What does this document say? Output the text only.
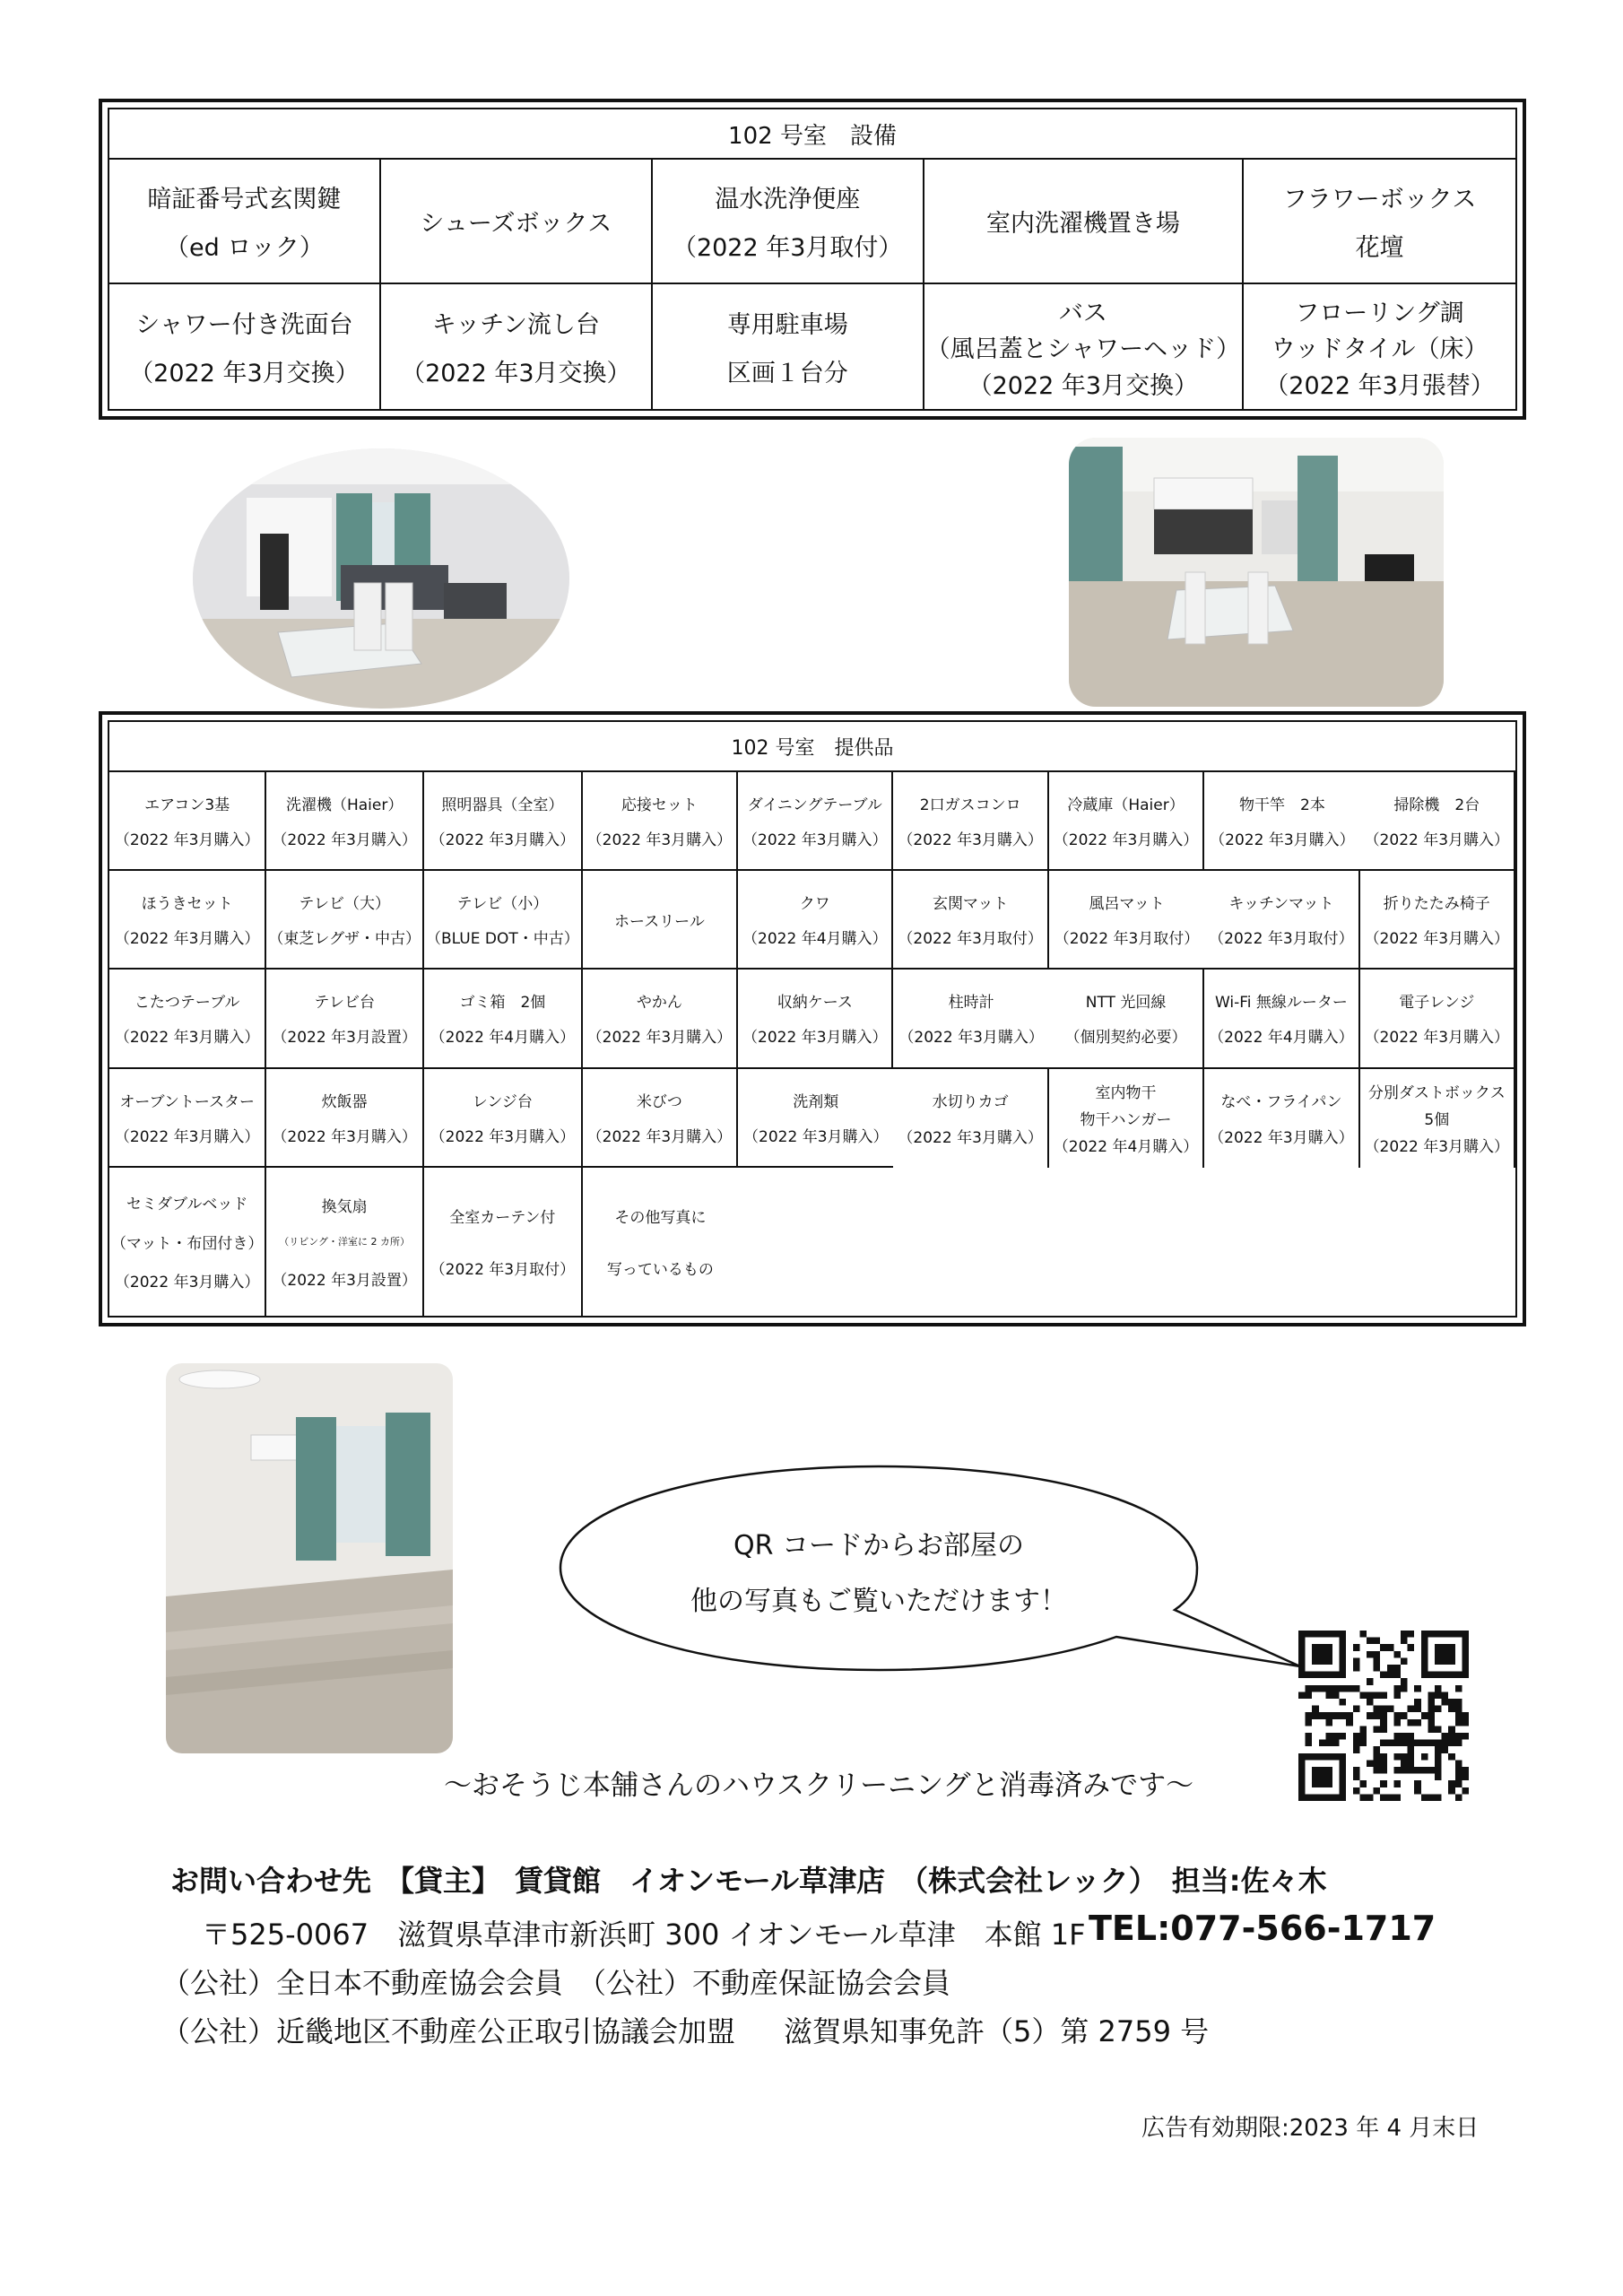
102 号室　設備
暗証番号式玄関鍵
（ed ロック）
シューズボックス
温水洗浄便座
（2022 年3月取付）
室内洗濯機置き場
フラワーボックス
花壇
シャワー付き洗面台
（2022 年3月交換）
キッチン流し台
（2022 年3月交換）
専用駐車場
区画１台分
バス
（風呂蓋とシャワーヘッド）
（2022 年3月交換）
フローリング調
ウッドタイル（床）
（2022 年3月張替）
102 号室　提供品
エアコン3基
（2022 年3月購入）
洗濯機（Haier）
（2022 年3月購入）
照明器具（全室）
（2022 年3月購入）
応接セット
（2022 年3月購入）
ダイニングテーブル
（2022 年3月購入）
2口ガスコンロ
（2022 年3月購入）
冷蔵庫（Haier）
（2022 年3月購入）
物干竿　2本
（2022 年3月購入）
掃除機　2台
（2022 年3月購入）
ほうきセット
（2022 年3月購入）
テレビ（大）
（東芝レグザ・中古）
テレビ（小）
（BLUE DOT・中古）
ホースリール
クワ
（2022 年4月購入）
玄関マット
（2022 年3月取付）
風呂マット
（2022 年3月取付）
キッチンマット
（2022 年3月取付）
折りたたみ椅子
（2022 年3月購入）
こたつテーブル
（2022 年3月購入）
テレビ台
（2022 年3月設置）
ゴミ箱　2個
（2022 年4月購入）
やかん
（2022 年3月購入）
収納ケース
（2022 年3月購入）
柱時計
（2022 年3月購入）
NTT 光回線
（個別契約必要）
Wi-Fi 無線ルーター
（2022 年4月購入）
電子レンジ
（2022 年3月購入）
オーブントースター
（2022 年3月購入）
炊飯器
（2022 年3月購入）
レンジ台
（2022 年3月購入）
米びつ
（2022 年3月購入）
洗剤類
（2022 年3月購入）
水切りカゴ
（2022 年3月購入）
室内物干
物干ハンガー
（2022 年4月購入）
なべ・フライパン
（2022 年3月購入）
分別ダストボックス
5個
（2022 年3月購入）
セミダブルベッド
（マット・布団付き）
（2022 年3月購入）
換気扇
（リビング・洋室に 2 カ所）
（2022 年3月設置）
全室カーテン付
（2022 年3月取付）
その他写真に
写っているもの
QR コードからお部屋の
他の写真もご覧いただけます！
～おそうじ本舗さんのハウスクリーニングと消毒済みです～
お問い合わせ先　【貸主】　賃貸館　イオンモール草津店　（株式会社レック）　担当:佐々木
〒525-0067　滋賀県草津市新浜町 300 イオンモール草津　本館 1F TEL:077-566-1717
（公社）全日本不動産協会会員　（公社）不動産保証協会会員
（公社）近畿地区不動産公正取引協議会加盟 滋賀県知事免許（5）第 2759 号
広告有効期限:2023 年 4 月末日
